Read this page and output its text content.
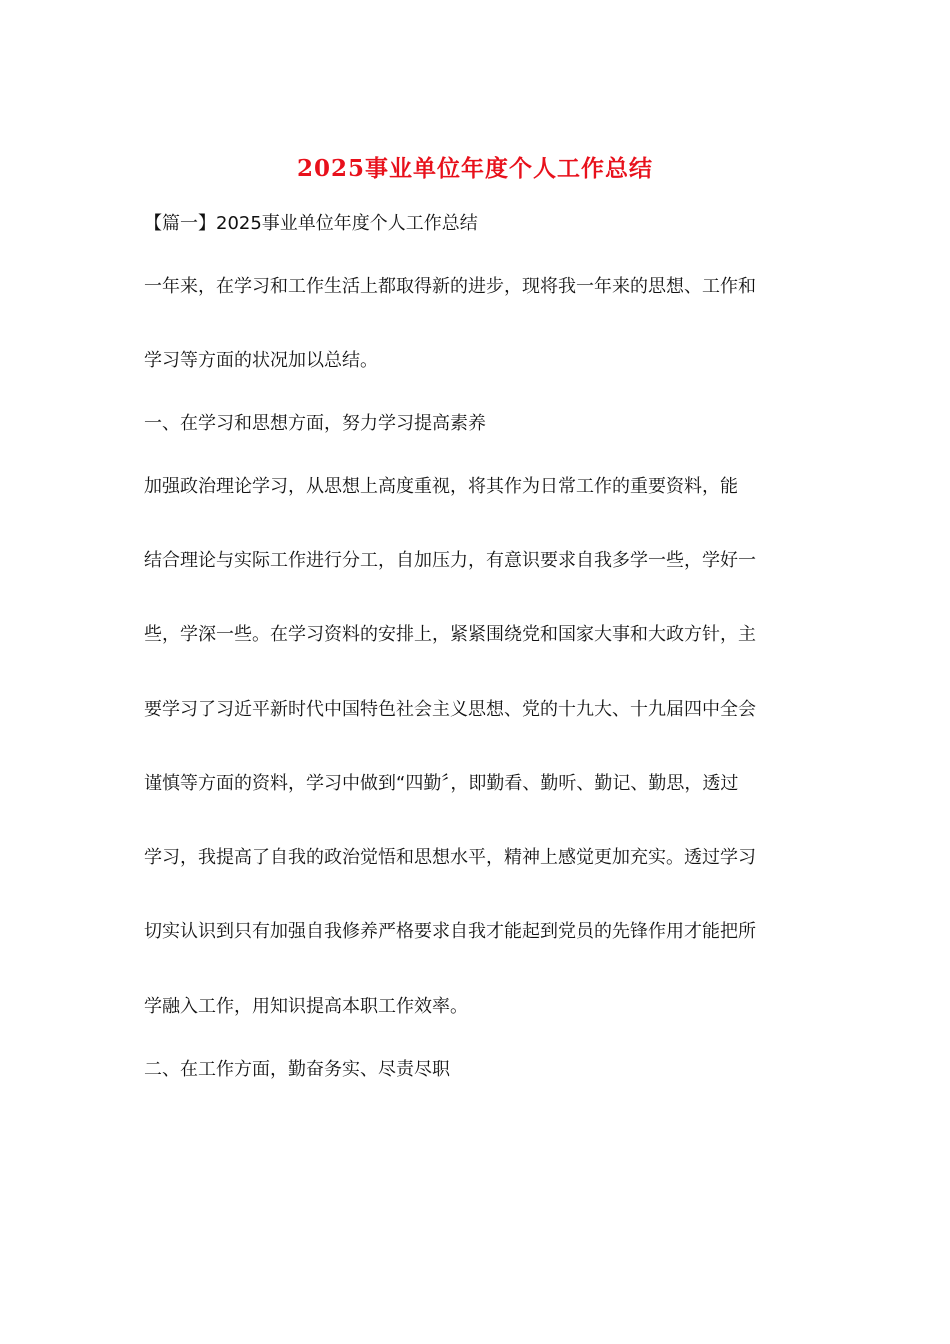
2025事业单位年度个人工作总结

【篇一】2025事业单位年度个人工作总结

一年来，在学习和工作生活上都取得新的进步，现将我一年来的思想、工作和

学习等方面的状况加以总结。

一、在学习和思想方面，努力学习提高素养

加强政治理论学习，从思想上高度重视，将其作为日常工作的重要资料，能

结合理论与实际工作进行分工，自加压力，有意识要求自我多学一些，学好一

些，学深一些。在学习资料的安排上，紧紧围绕党和国家大事和大政方针，主

要学习了习近平新时代中国特色社会主义思想、党的十九大、十九届四中全会

谨慎等方面的资料，学习中做到“四勤〞，即勤看、勤听、勤记、勤思，透过

学习，我提高了自我的政治觉悟和思想水平，精神上感觉更加充实。透过学习

切实认识到只有加强自我修养严格要求自我才能起到党员的先锋作用才能把所

学融入工作，用知识提高本职工作效率。

二、在工作方面，勤奋务实、尽责尽职
